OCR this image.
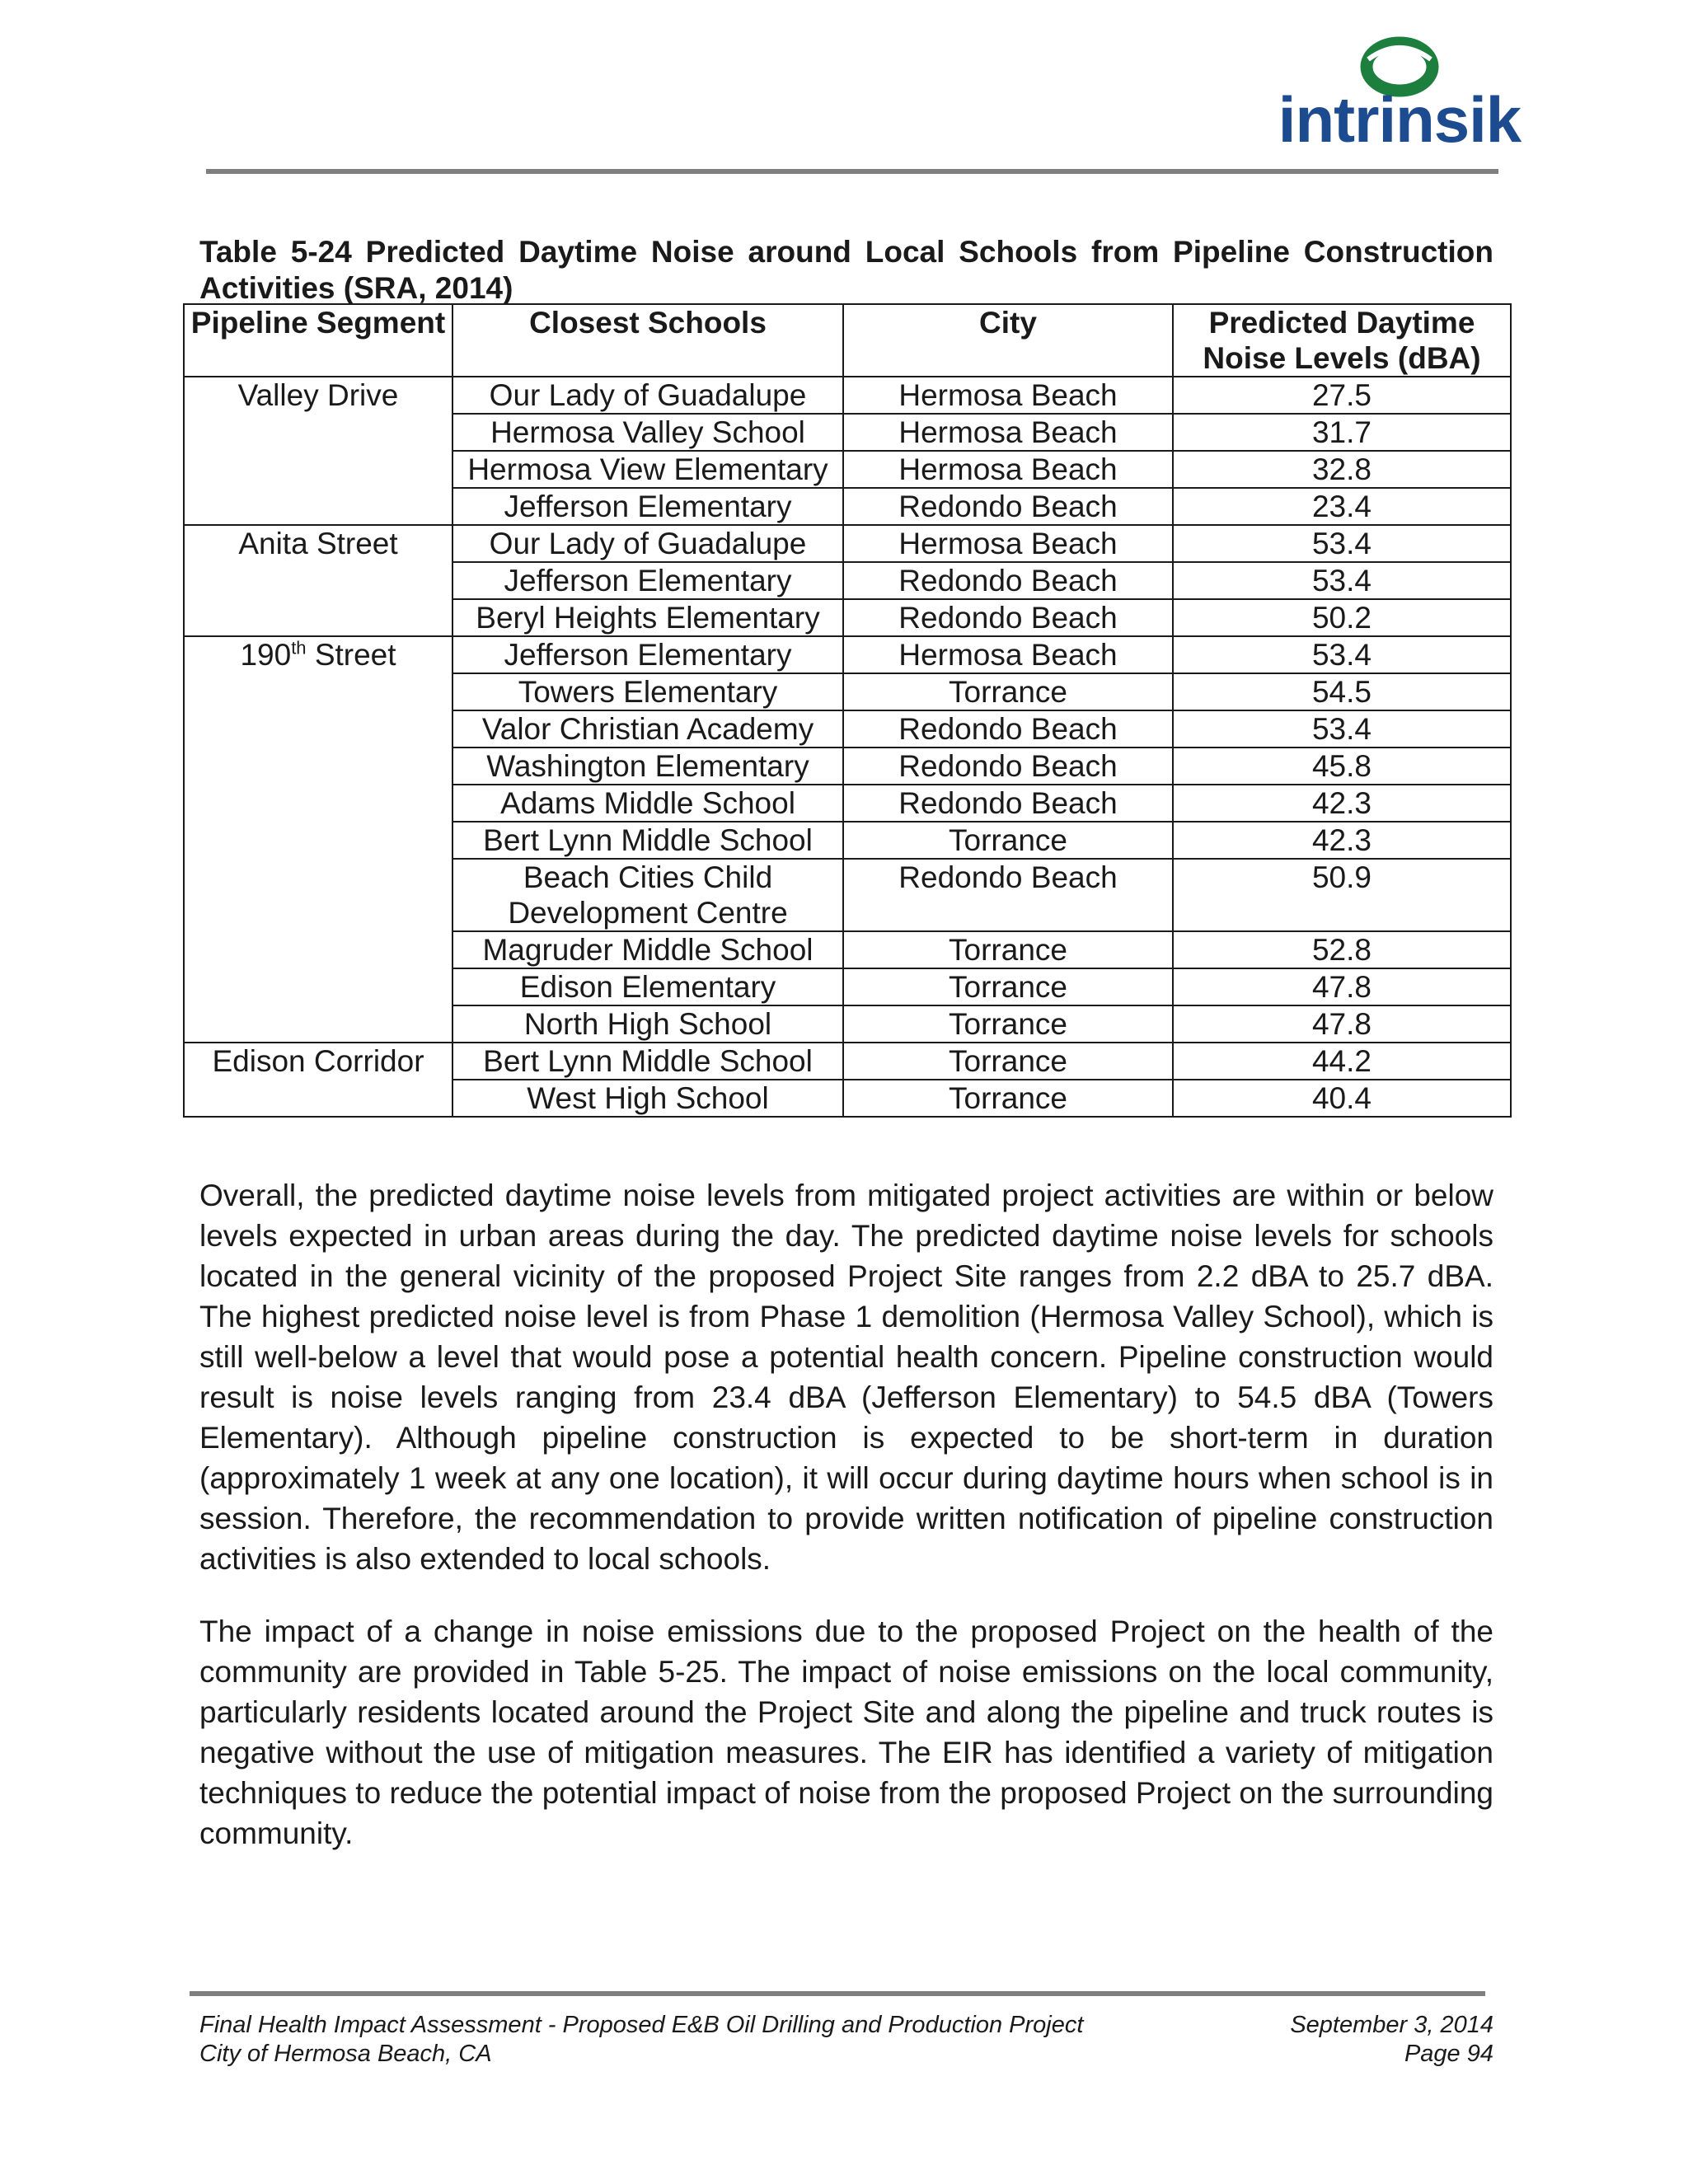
intrinsik

Table 5-24 Predicted Daytime Noise around Local Schools from Pipeline Construction Activities (SRA, 2014)

Pipeline Segment	Closest Schools	City	Predicted Daytime Noise Levels (dBA)
Valley Drive	Our Lady of Guadalupe	Hermosa Beach	27.5
	Hermosa Valley School	Hermosa Beach	31.7
	Hermosa View Elementary	Hermosa Beach	32.8
	Jefferson Elementary	Redondo Beach	23.4
Anita Street	Our Lady of Guadalupe	Hermosa Beach	53.4
	Jefferson Elementary	Redondo Beach	53.4
	Beryl Heights Elementary	Redondo Beach	50.2
190th Street	Jefferson Elementary	Hermosa Beach	53.4
	Towers Elementary	Torrance	54.5
	Valor Christian Academy	Redondo Beach	53.4
	Washington Elementary	Redondo Beach	45.8
	Adams Middle School	Redondo Beach	42.3
	Bert Lynn Middle School	Torrance	42.3
	Beach Cities Child Development Centre	Redondo Beach	50.9
	Magruder Middle School	Torrance	52.8
	Edison Elementary	Torrance	47.8
	North High School	Torrance	47.8
Edison Corridor	Bert Lynn Middle School	Torrance	44.2
	West High School	Torrance	40.4

Overall, the predicted daytime noise levels from mitigated project activities are within or below levels expected in urban areas during the day. The predicted daytime noise levels for schools located in the general vicinity of the proposed Project Site ranges from 2.2 dBA to 25.7 dBA. The highest predicted noise level is from Phase 1 demolition (Hermosa Valley School), which is still well-below a level that would pose a potential health concern. Pipeline construction would result is noise levels ranging from 23.4 dBA (Jefferson Elementary) to 54.5 dBA (Towers Elementary). Although pipeline construction is expected to be short-term in duration (approximately 1 week at any one location), it will occur during daytime hours when school is in session. Therefore, the recommendation to provide written notification of pipeline construction activities is also extended to local schools.

The impact of a change in noise emissions due to the proposed Project on the health of the community are provided in Table 5-25. The impact of noise emissions on the local community, particularly residents located around the Project Site and along the pipeline and truck routes is negative without the use of mitigation measures. The EIR has identified a variety of mitigation techniques to reduce the potential impact of noise from the proposed Project on the surrounding community.

Final Health Impact Assessment - Proposed E&B Oil Drilling and Production Project	September 3, 2014
City of Hermosa Beach, CA	Page 94
